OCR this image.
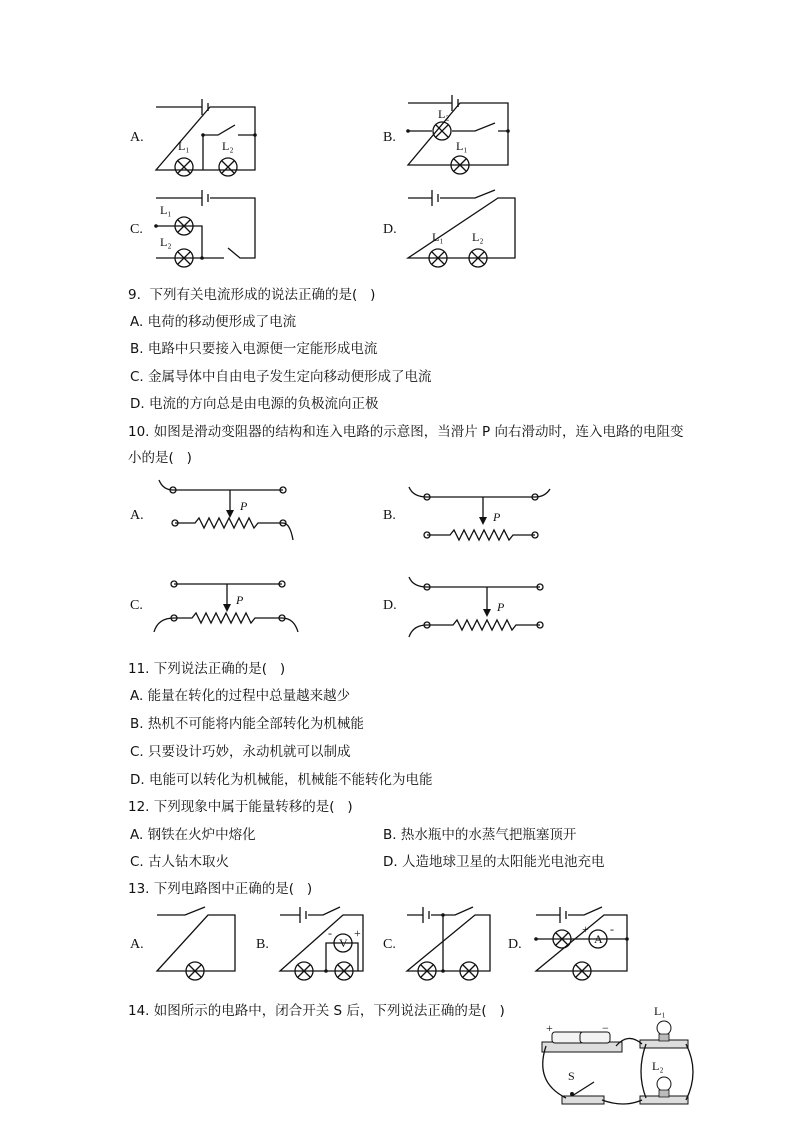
A.
L₁	L₂
B.
L₂
L₁
C.
L₁
L₂
D.	L₁ L₂
9.  下列有关电流形成的说法正确的是(   )
A. 电荷的移动便形成了电流
B. 电路中只要接入电源便一定能形成电流
C. 金属导体中自由电子发生定向移动便形成了电流
D. 电流的方向总是由电源的负极流向正极
10. 如图是滑动变阻器的结构和连入电路的示意图，当滑片 P 向右滑动时，连入电路的电阻变
小的是(   )
A.
P
B.	P
C.	P	D.	P
11. 下列说法正确的是(   )
A. 能量在转化的过程中总量越来越少
B. 热机不可能将内能全部转化为机械能
C. 只要设计巧妙，永动机就可以制成
D. 电能可以转化为机械能，机械能不能转化为电能
12. 下列现象中属于能量转移的是(   )
A. 钢铁在火炉中熔化	B. 热水瓶中的水蒸气把瓶塞顶开
C. 古人钻木取火	D. 人造地球卫星的太阳能光电池充电
13. 下列电路图中正确的是(   )
A.	B.	V
- +
C.	D.	A
+ -
14. 如图所示的电路中，闭合开关 S 后，下列说法正确的是(   )
+	−
L₁
L₂
S
